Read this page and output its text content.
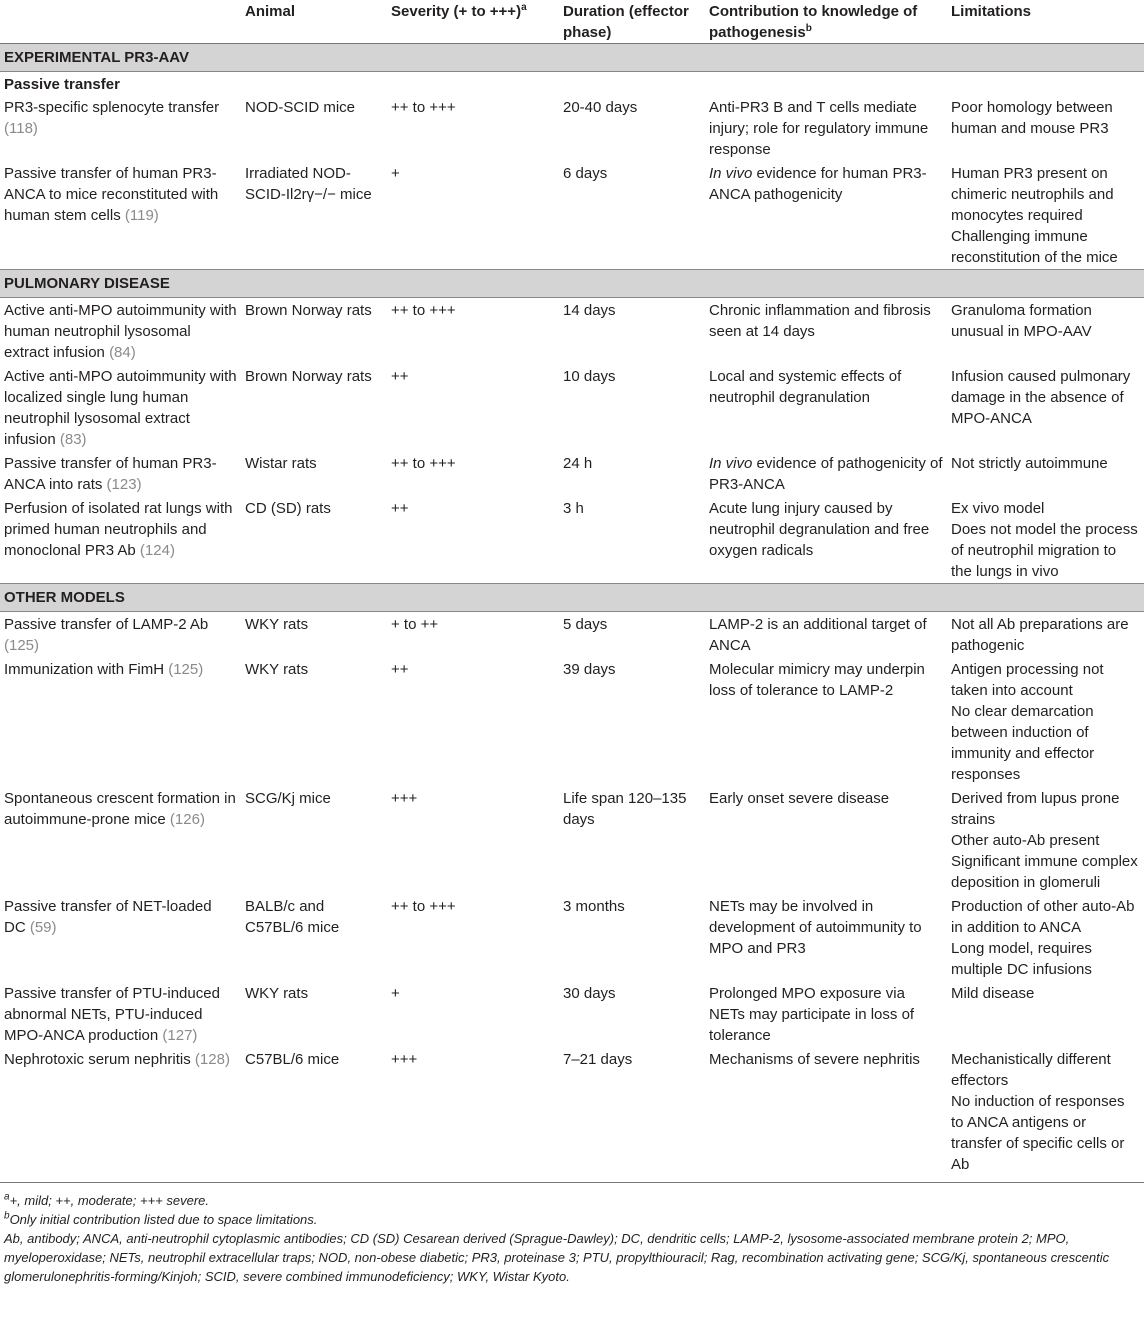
	Animal	Severity (+ to +++)$^a$	Duration (effector phase)	Contribution to knowledge of pathogenesis$^b$	Limitations
EXPERIMENTAL PR3-AAV					
Passive transfer					
PR3-specific splenocyte transfer (118)	NOD-SCID mice	++ to +++	20-40 days	Anti-PR3 B and T cells mediate injury; role for regulatory immune response	Poor homology between human and mouse PR3

Passive transfer of human PR3-ANCA to mice reconstituted with human stem cells (119)	Irradiated NOD-SCID-Il2rγ−/− mice	+	6 days	In vivo evidence for human PR3-ANCA pathogenicity	Human PR3 present on chimeric neutrophils and monocytes required
Challenging immune reconstitution of the mice

PULMONARY DISEASE					
Active anti-MPO autoimmunity with human neutrophil lysosomal extract infusion (84)	Brown Norway rats	++ to +++	14 days	Chronic inflammation and fibrosis seen at 14 days	Granuloma formation unusual in MPO-AAV

Active anti-MPO autoimmunity with localized single lung human neutrophil lysosomal extract infusion (83)	Brown Norway rats	++	10 days	Local and systemic effects of neutrophil degranulation	Infusion caused pulmonary damage in the absence of MPO-ANCA

Passive transfer of human PR3-ANCA into rats (123)	Wistar rats	++ to +++	24 h	In vivo evidence of pathogenicity of PR3-ANCA	Not strictly autoimmune

Perfusion of isolated rat lungs with primed human neutrophils and monoclonal PR3 Ab (124)	CD (SD) rats	++	3 h	Acute lung injury caused by neutrophil degranulation and free oxygen radicals	Ex vivo model
Does not model the process of neutrophil migration to the lungs in vivo

OTHER MODELS					
Passive transfer of LAMP-2 Ab (125)	WKY rats	+ to ++	5 days	LAMP-2 is an additional target of ANCA	Not all Ab preparations are pathogenic

Immunization with FimH (125)	WKY rats	++	39 days	Molecular mimicry may underpin loss of tolerance to LAMP-2	Antigen processing not taken into account
No clear demarcation between induction of immunity and effector responses

Spontaneous crescent formation in autoimmune-prone mice (126)	SCG/Kj mice	+++	Life span 120–135 days	Early onset severe disease	Derived from lupus prone strains
Other auto-Ab present
Significant immune complex deposition in glomeruli

Passive transfer of NET-loaded DC (59)	BALB/c and C57BL/6 mice	++ to +++	3 months	NETs may be involved in development of autoimmunity to MPO and PR3	Production of other auto-Ab in addition to ANCA
Long model, requires multiple DC infusions

Passive transfer of PTU-induced abnormal NETs, PTU-induced MPO-ANCA production (127)	WKY rats	+	30 days	Prolonged MPO exposure via NETs may participate in loss of tolerance	Mild disease

Nephrotoxic serum nephritis (128)	C57BL/6 mice	+++	7–21 days	Mechanisms of severe nephritis	Mechanistically different effectors
No induction of responses to ANCA antigens or transfer of specific cells or Ab

$^a$+, mild; ++, moderate; +++ severe.

$^b$Only initial contribution listed due to space limitations.

Ab, antibody; ANCA, anti-neutrophil cytoplasmic antibodies; CD (SD) Cesarean derived (Sprague-Dawley); DC, dendritic cells; LAMP-2, lysosome-associated membrane protein 2; MPO, myeloperoxidase; NETs, neutrophil extracellular traps; NOD, non-obese diabetic; PR3, proteinase 3; PTU, propylthiouracil; Rag, recombination activating gene; SCG/Kj, spontaneous crescentic glomerulonephritis-forming/Kinjoh; SCID, severe combined immunodeficiency; WKY, Wistar Kyoto.
